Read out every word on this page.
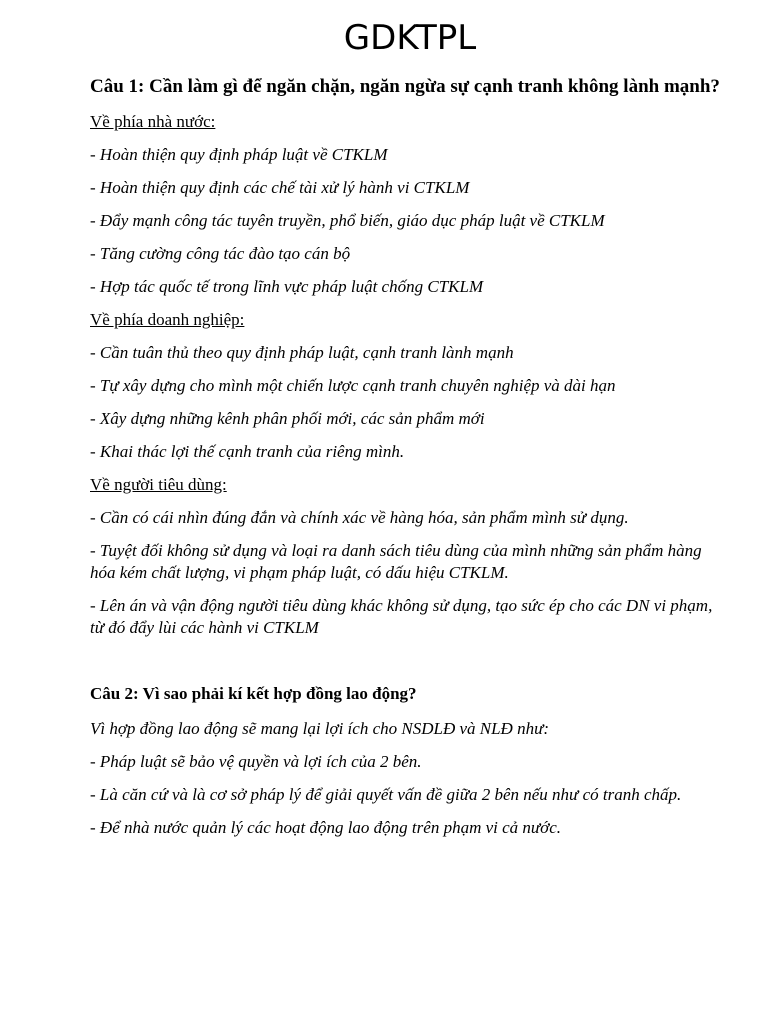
GDKTPL
Câu 1: Cần làm gì để ngăn chặn, ngăn ngừa sự cạnh tranh không lành mạnh?

Về phía nhà nước:

- Hoàn thiện quy định pháp luật về CTKLM

- Hoàn thiện quy định các chế tài xử lý hành vi CTKLM

- Đẩy mạnh công tác tuyên truyền, phổ biến, giáo dục pháp luật về CTKLM

- Tăng cường công tác đào tạo cán bộ

- Hợp tác quốc tế trong lĩnh vực pháp luật chống CTKLM

Về phía doanh nghiệp:

- Cần tuân thủ theo quy định pháp luật, cạnh tranh lành mạnh

- Tự xây dựng cho mình một chiến lược cạnh tranh chuyên nghiệp và dài hạn

- Xây dựng những kênh phân phối mới, các sản phẩm mới

- Khai thác lợi thế cạnh tranh của riêng mình.

Về người tiêu dùng:

- Cần có cái nhìn đúng đắn và chính xác về hàng hóa, sản phẩm mình sử dụng.

- Tuyệt đối không sử dụng và loại ra danh sách tiêu dùng của mình những sản phẩm hàng hóa kém chất lượng, vi phạm pháp luật, có dấu hiệu CTKLM.

- Lên án và vận động người tiêu dùng khác không sử dụng, tạo sức ép cho các DN vi phạm, từ đó đẩy lùi các hành vi CTKLM

Câu 2: Vì sao phải kí kết hợp đồng lao động?

Vì hợp đồng lao động sẽ mang lại lợi ích cho NSDLĐ và NLĐ như:

- Pháp luật sẽ bảo vệ quyền và lợi ích của 2 bên.

- Là căn cứ và là cơ sở pháp lý để giải quyết vấn đề giữa 2 bên nếu như có tranh chấp.

- Để nhà nước quản lý các hoạt động lao động trên phạm vi cả nước.
